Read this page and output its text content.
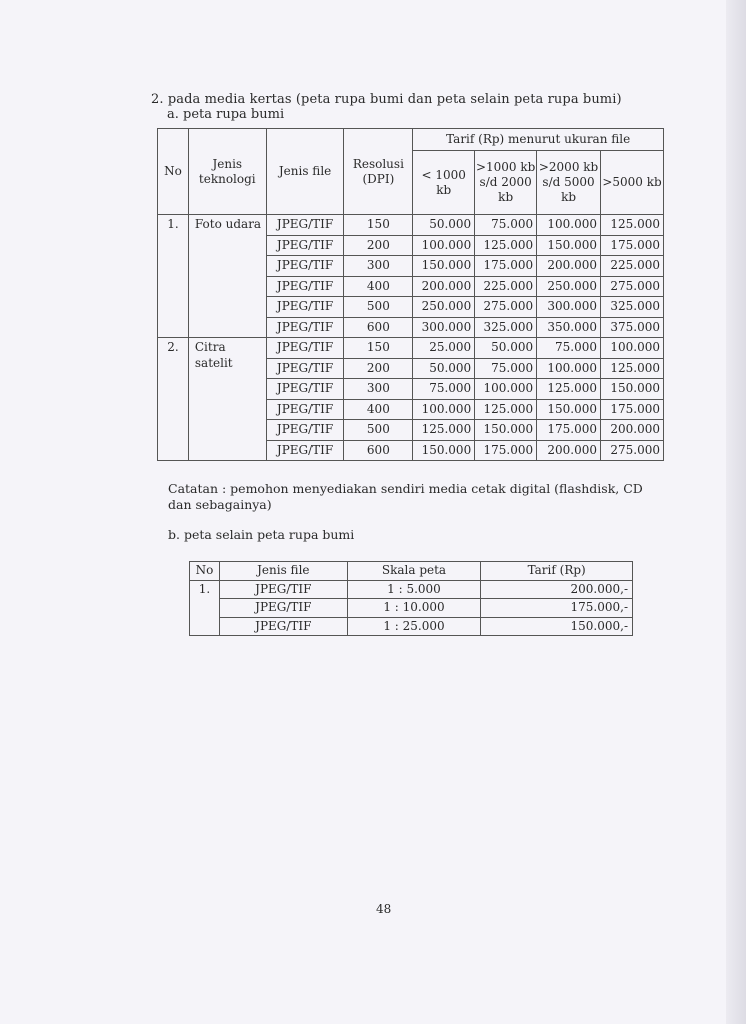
2. pada media kertas (peta rupa bumi dan peta selain peta rupa bumi)
a. peta rupa bumi
No	Jenis teknologi	Jenis file	Resolusi (DPI)	Tarif (Rp) menurut ukuran file			
				< 1000 kb	>1000 kb s/d 2000 kb	>2000 kb s/d 5000 kb	>5000 kb
1.	Foto udara	JPEG/TIF	150	50.000	75.000	100.000	125.000
		JPEG/TIF	200	100.000	125.000	150.000	175.000
		JPEG/TIF	300	150.000	175.000	200.000	225.000
		JPEG/TIF	400	200.000	225.000	250.000	275.000
		JPEG/TIF	500	250.000	275.000	300.000	325.000
		JPEG/TIF	600	300.000	325.000	350.000	375.000
2.	Citra satelit	JPEG/TIF	150	25.000	50.000	75.000	100.000
		JPEG/TIF	200	50.000	75.000	100.000	125.000
		JPEG/TIF	300	75.000	100.000	125.000	150.000
		JPEG/TIF	400	100.000	125.000	150.000	175.000
		JPEG/TIF	500	125.000	150.000	175.000	200.000
		JPEG/TIF	600	150.000	175.000	200.000	275.000
Catatan : pemohon menyediakan sendiri media cetak digital (flashdisk, CD dan sebagainya)
b. peta selain peta rupa bumi
No	Jenis file	Skala peta	Tarif (Rp)
1.	JPEG/TIF	1 : 5.000	200.000,-
	JPEG/TIF	1 : 10.000	175.000,-
	JPEG/TIF	1 : 25.000	150.000,-
48
